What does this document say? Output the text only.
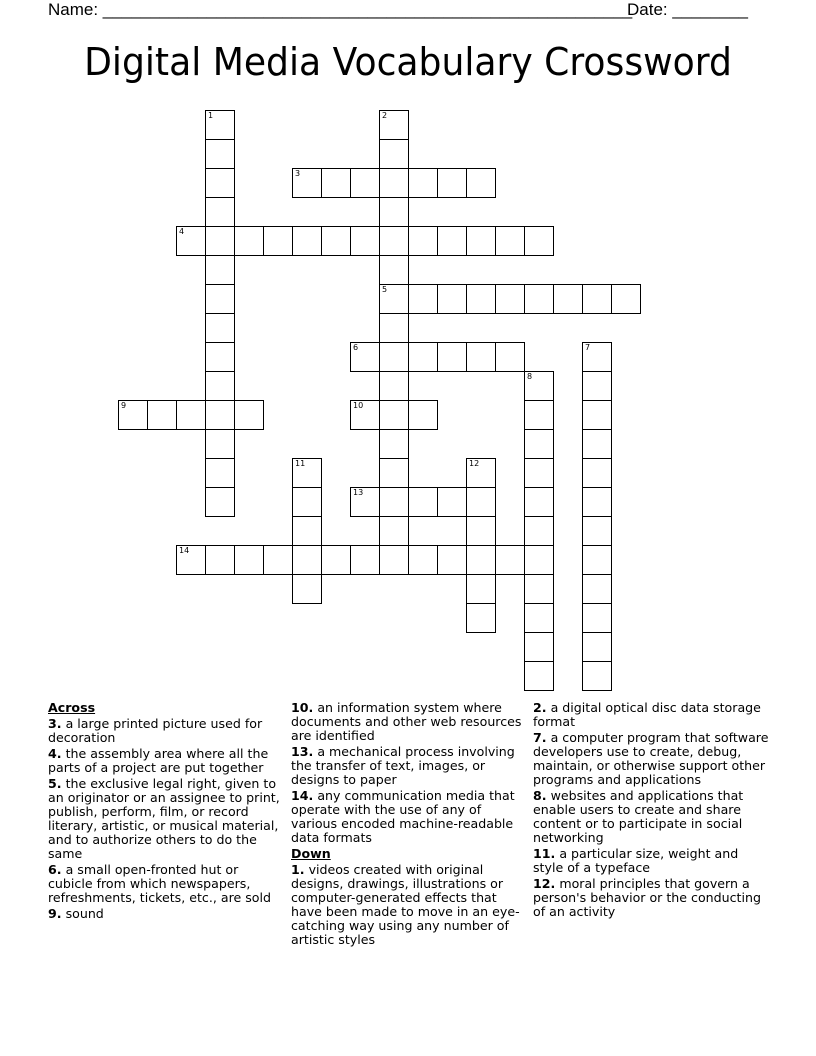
Name: ________________________________________________________
Date: ________
Digital Media Vocabulary Crossword
1	2
5
3
4
6	7
8
9	10
11	12
13
14
Across
3. a large printed picture used for decoration
4. the assembly area where all the parts of a project are put together
5. the exclusive legal right, given to an originator or an assignee to print, publish, perform, film, or record literary, artistic, or musical material, and to authorize others to do the same
6. a small open-fronted hut or cubicle from which newspapers, refreshments, tickets, etc., are sold
9. sound
10. an information system where documents and other web resources are identified
13. a mechanical process involving the transfer of text, images, or designs to paper
14. any communication media that operate with the use of any of various encoded machine-readable data formats
Down
1. videos created with original designs, drawings, illustrations or computer-generated effects that have been made to move in an eye-catching way using any number of artistic styles
2. a digital optical disc data storage format
7. a computer program that software developers use to create, debug, maintain, or otherwise support other programs and applications
8. websites and applications that enable users to create and share content or to participate in social networking
11. a particular size, weight and style of a typeface
12. moral principles that govern a person's behavior or the conducting of an activity
